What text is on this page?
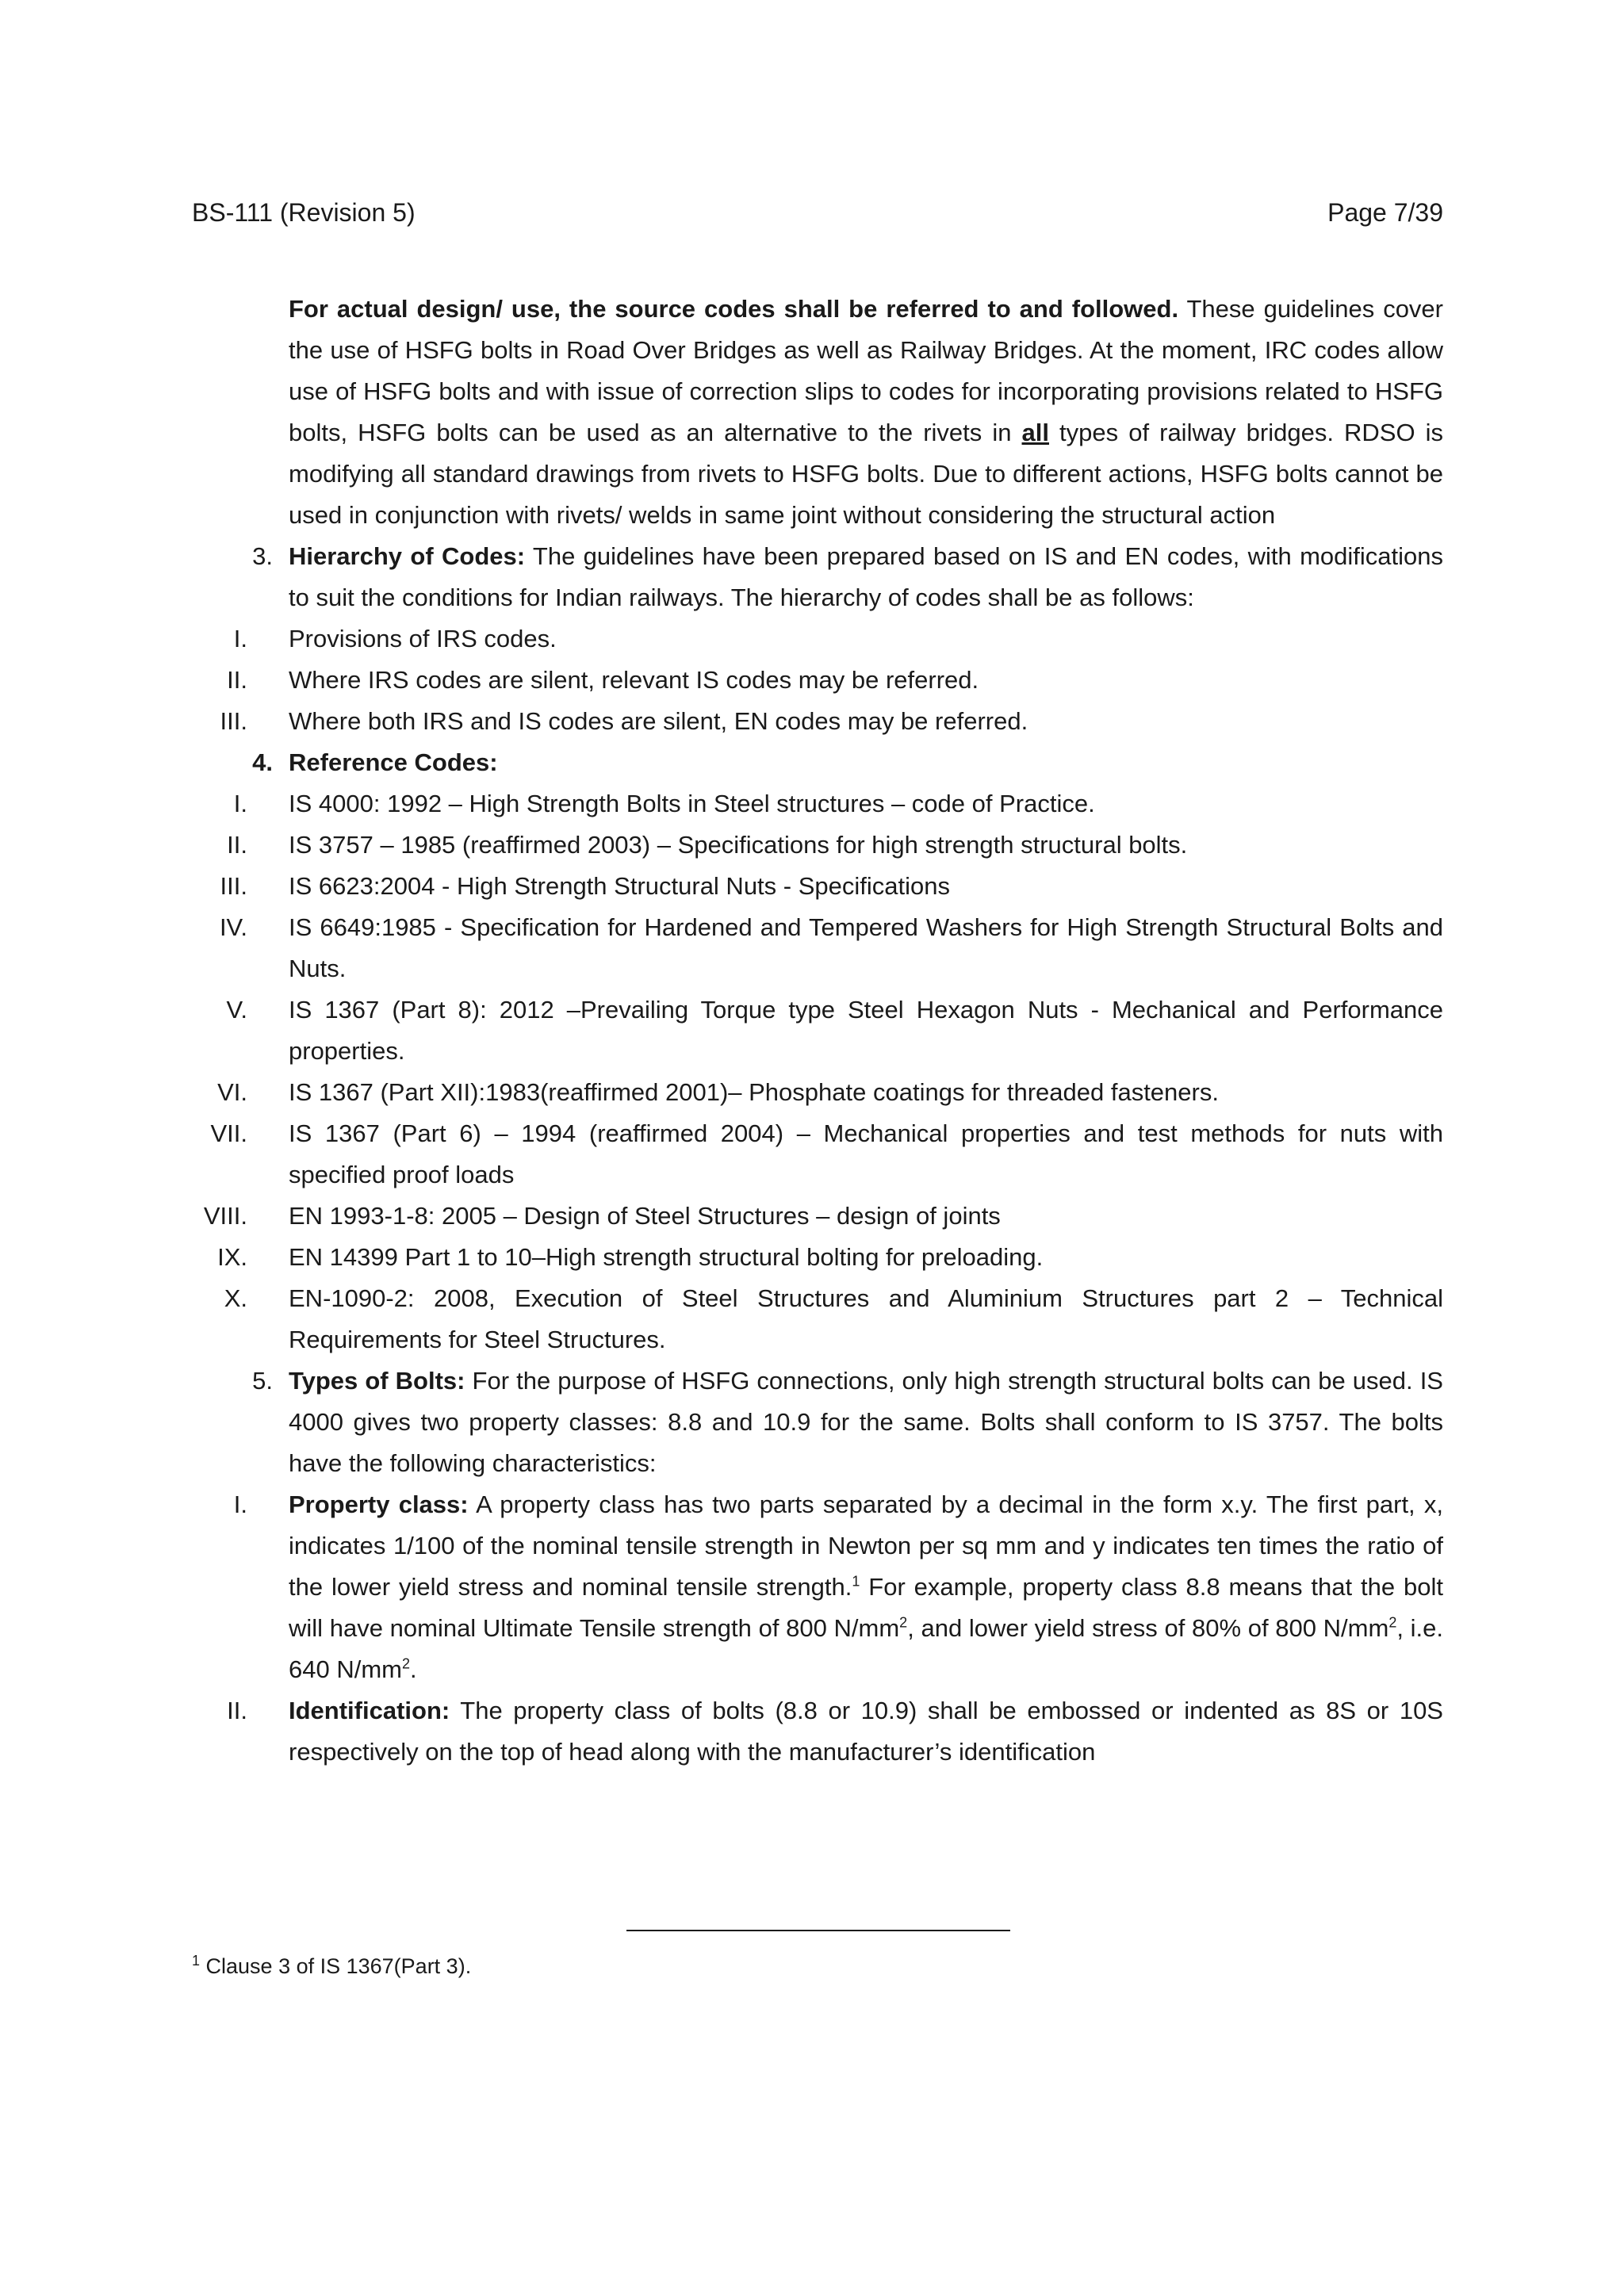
BS-111 (Revision 5)	Page 7/39

For actual design/ use, the source codes shall be referred to and followed. These guidelines cover the use of HSFG bolts in Road Over Bridges as well as Railway Bridges. At the moment, IRC codes allow use of HSFG bolts and with issue of correction slips to codes for incorporating provisions related to HSFG bolts, HSFG bolts can be used as an alternative to the rivets in all types of railway bridges. RDSO is modifying all standard drawings from rivets to HSFG bolts. Due to different actions, HSFG bolts cannot be used in conjunction with rivets/ welds in same joint without considering the structural action

3. Hierarchy of Codes: The guidelines have been prepared based on IS and EN codes, with modifications to suit the conditions for Indian railways. The hierarchy of codes shall be as follows:
I.	Provisions of IRS codes.
II.	Where IRS codes are silent, relevant IS codes may be referred.
III.	Where both IRS and IS codes are silent, EN codes may be referred.
4. Reference Codes:
I.	IS 4000: 1992 – High Strength Bolts in Steel structures – code of Practice.
II.	IS 3757 – 1985 (reaffirmed 2003) – Specifications for high strength structural bolts.
III.	IS 6623:2004 - High Strength Structural Nuts - Specifications
IV.	IS 6649:1985 - Specification for Hardened and Tempered Washers for High Strength Structural Bolts and Nuts.
V.	IS 1367 (Part 8): 2012 –Prevailing Torque type Steel Hexagon Nuts - Mechanical and Performance properties.
VI.	IS 1367 (Part XII):1983(reaffirmed 2001)– Phosphate coatings for threaded fasteners.
VII.	IS 1367 (Part 6) – 1994 (reaffirmed 2004) – Mechanical properties and test methods for nuts with specified proof loads
VIII.	EN 1993-1-8: 2005 – Design of Steel Structures – design of joints
IX.	EN 14399 Part 1 to 10–High strength structural bolting for preloading.
X.	EN-1090-2: 2008, Execution of Steel Structures and Aluminium Structures part 2 – Technical Requirements for Steel Structures.
5. Types of Bolts: For the purpose of HSFG connections, only high strength structural bolts can be used. IS 4000 gives two property classes: 8.8 and 10.9 for the same. Bolts shall conform to IS 3757. The bolts have the following characteristics:
I.	Property class: A property class has two parts separated by a decimal in the form x.y. The first part, x, indicates 1/100 of the nominal tensile strength in Newton per sq mm and y indicates ten times the ratio of the lower yield stress and nominal tensile strength.$^1$ For example, property class 8.8 means that the bolt will have nominal Ultimate Tensile strength of 800 $N/mm^2$, and lower yield stress of 80% of 800 $N/mm^2$, i.e. 640 $N/mm^2$.
II.	Identification: The property class of bolts (8.8 or 10.9) shall be embossed or indented as 8S or 10S respectively on the top of head along with the manufacturer’s identification
$^1$ Clause 3 of IS 1367(Part 3).
